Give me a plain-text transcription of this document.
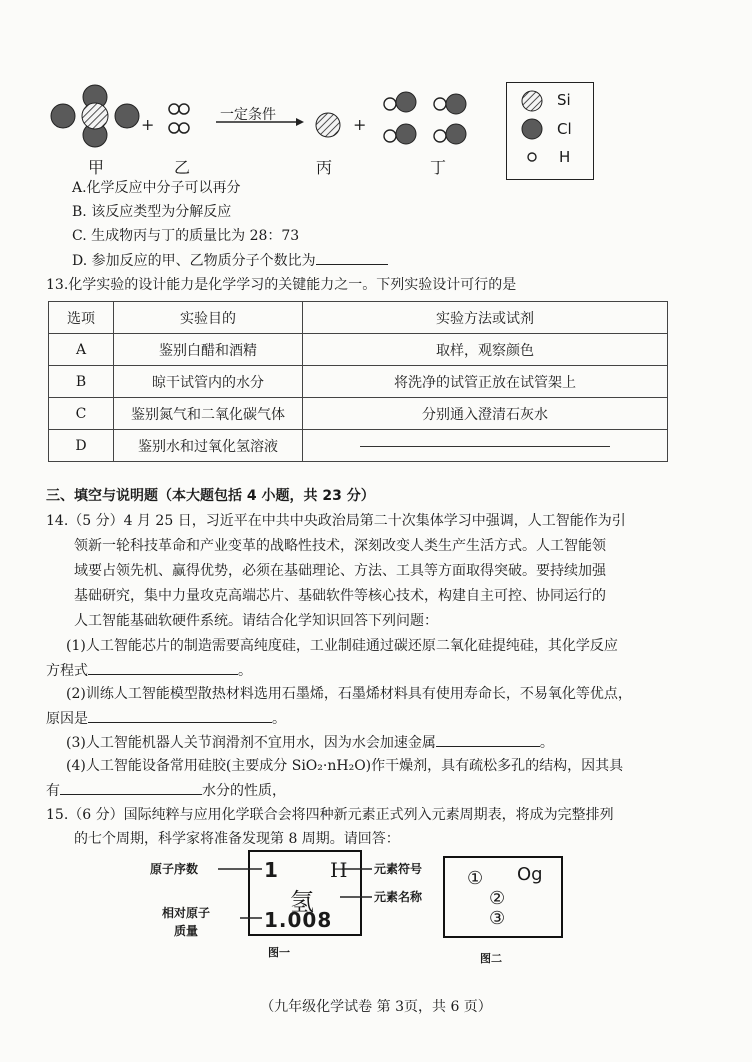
+	+
一定条件
甲	乙	丙	丁
Si
Cl
H
A.化学反应中分子可以再分
B. 该反应类型为分解反应
C. 生成物丙与丁的质量比为 28：73
D. 参加反应的甲、乙物质分子个数比为
13.化学实验的设计能力是化学学习的关键能力之一。下列实验设计可行的是
选项	实验目的	实验方法或试剂
A	鉴别白醋和酒精	取样，观察颜色
B	晾干试管内的水分	将洗净的试管正放在试管架上
C	鉴别氮气和二氧化碳气体	分别通入澄清石灰水
D	鉴别水和过氧化氢溶液	
三、填空与说明题（本大题包括 4 小题，共 23 分）
14.（5 分）4 月 25 日，习近平在中共中央政治局第二十次集体学习中强调，人工智能作为引
领新一轮科技革命和产业变革的战略性技术，深刻改变人类生产生活方式。人工智能领
域要占领先机、赢得优势，必须在基础理论、方法、工具等方面取得突破。要持续加强
基础研究，集中力量攻克高端芯片、基础软件等核心技术，构建自主可控、协同运行的
人工智能基础软硬件系统。请结合化学知识回答下列问题：
(1)人工智能芯片的制造需要高纯度硅，工业制硅通过碳还原二氧化硅提纯硅，其化学反应
方程式	。
(2)训练人工智能模型散热材料选用石墨烯，石墨烯材料具有使用寿命长，不易氧化等优点，
原因是	。
(3)人工智能机器人关节润滑剂不宜用水，因为水会加速金属	。
(4)人工智能设备常用硅胶(主要成分 SiO₂·nH₂O)作干燥剂，具有疏松多孔的结构，因其具
有	水分的性质，
15.（6 分）国际纯粹与应用化学联合会将四种新元素正式列入元素周期表，将成为完整排列
的七个周期，科学家将准备发现第 8 周期。请回答：
1	H
氢
1.008
原子序数	元素符号
元素名称
相对原子
质量
图一
① Og
②
③
图二
（九年级化学试卷 第 3页，共 6 页）
